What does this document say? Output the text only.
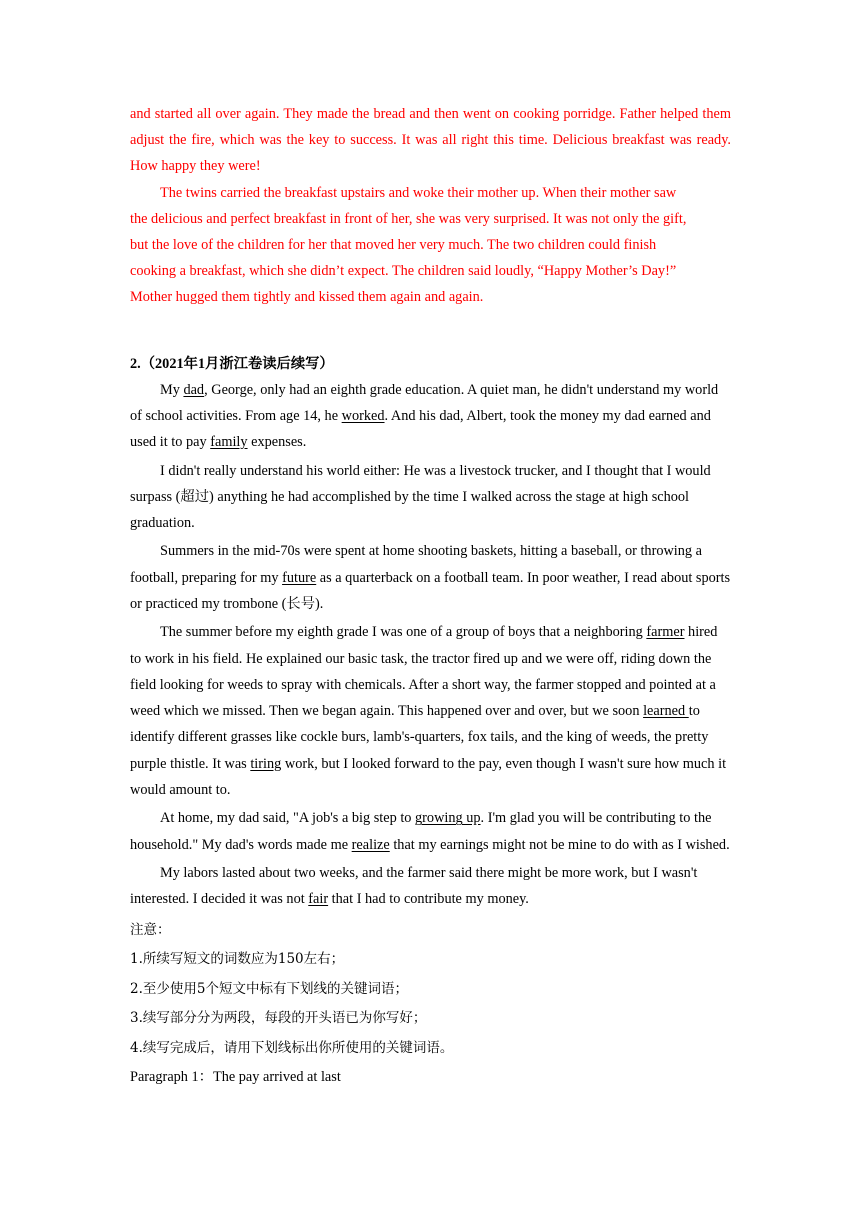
and started all over again. They made the bread and then went on cooking porridge. Father helped them adjust the fire, which was the key to success. It was all right this time. Delicious breakfast was ready. How happy they were!

The twins carried the breakfast upstairs and woke their mother up. When their mother saw
the delicious and perfect breakfast in front of her, she was very surprised. It was not only the gift,
but the love of the children for her that moved her very much. The two children could finish
cooking a breakfast, which she didn’t expect. The children said loudly, “Happy Mother’s Day!”
Mother hugged them tightly and kissed them again and again.

2.（2021年1月浙江卷读后续写）

My dad, George, only had an eighth grade education. A quiet man, he didn't understand my world of school activities. From age 14, he worked. And his dad, Albert, took the money my dad earned and used it to pay family expenses.

I didn't really understand his world either: He was a livestock trucker, and I thought that I would surpass (超过) anything he had accomplished by the time I walked across the stage at high school graduation.

Summers in the mid-70s were spent at home shooting baskets, hitting a baseball, or throwing a football, preparing for my future as a quarterback on a football team. In poor weather, I read about sports or practiced my trombone (长号).

The summer before my eighth grade I was one of a group of boys that a neighboring farmer hired to work in his field. He explained our basic task, the tractor fired up and we were off, riding down the field looking for weeds to spray with chemicals. After a short way, the farmer stopped and pointed at a weed which we missed. Then we began again. This happened over and over, but we soon learned to identify different grasses like cockle burs, lamb's-quarters, fox tails, and the king of weeds, the pretty purple thistle. It was tiring work, but I looked forward to the pay, even though I wasn't sure how much it would amount to.

At home, my dad said, "A job's a big step to growing up. I'm glad you will be contributing to the household." My dad's words made me realize that my earnings might not be mine to do with as I wished.

My labors lasted about two weeks, and the farmer said there might be more work, but I wasn't interested. I decided it was not fair that I had to contribute my money.

注意：

1.所续写短文的词数应为150左右；

2.至少使用5个短文中标有下划线的关键词语；

3.续写部分分为两段，每段的开头语已为你写好；

4.续写完成后，请用下划线标出你所使用的关键词语。

Paragraph 1：The pay arrived at last
